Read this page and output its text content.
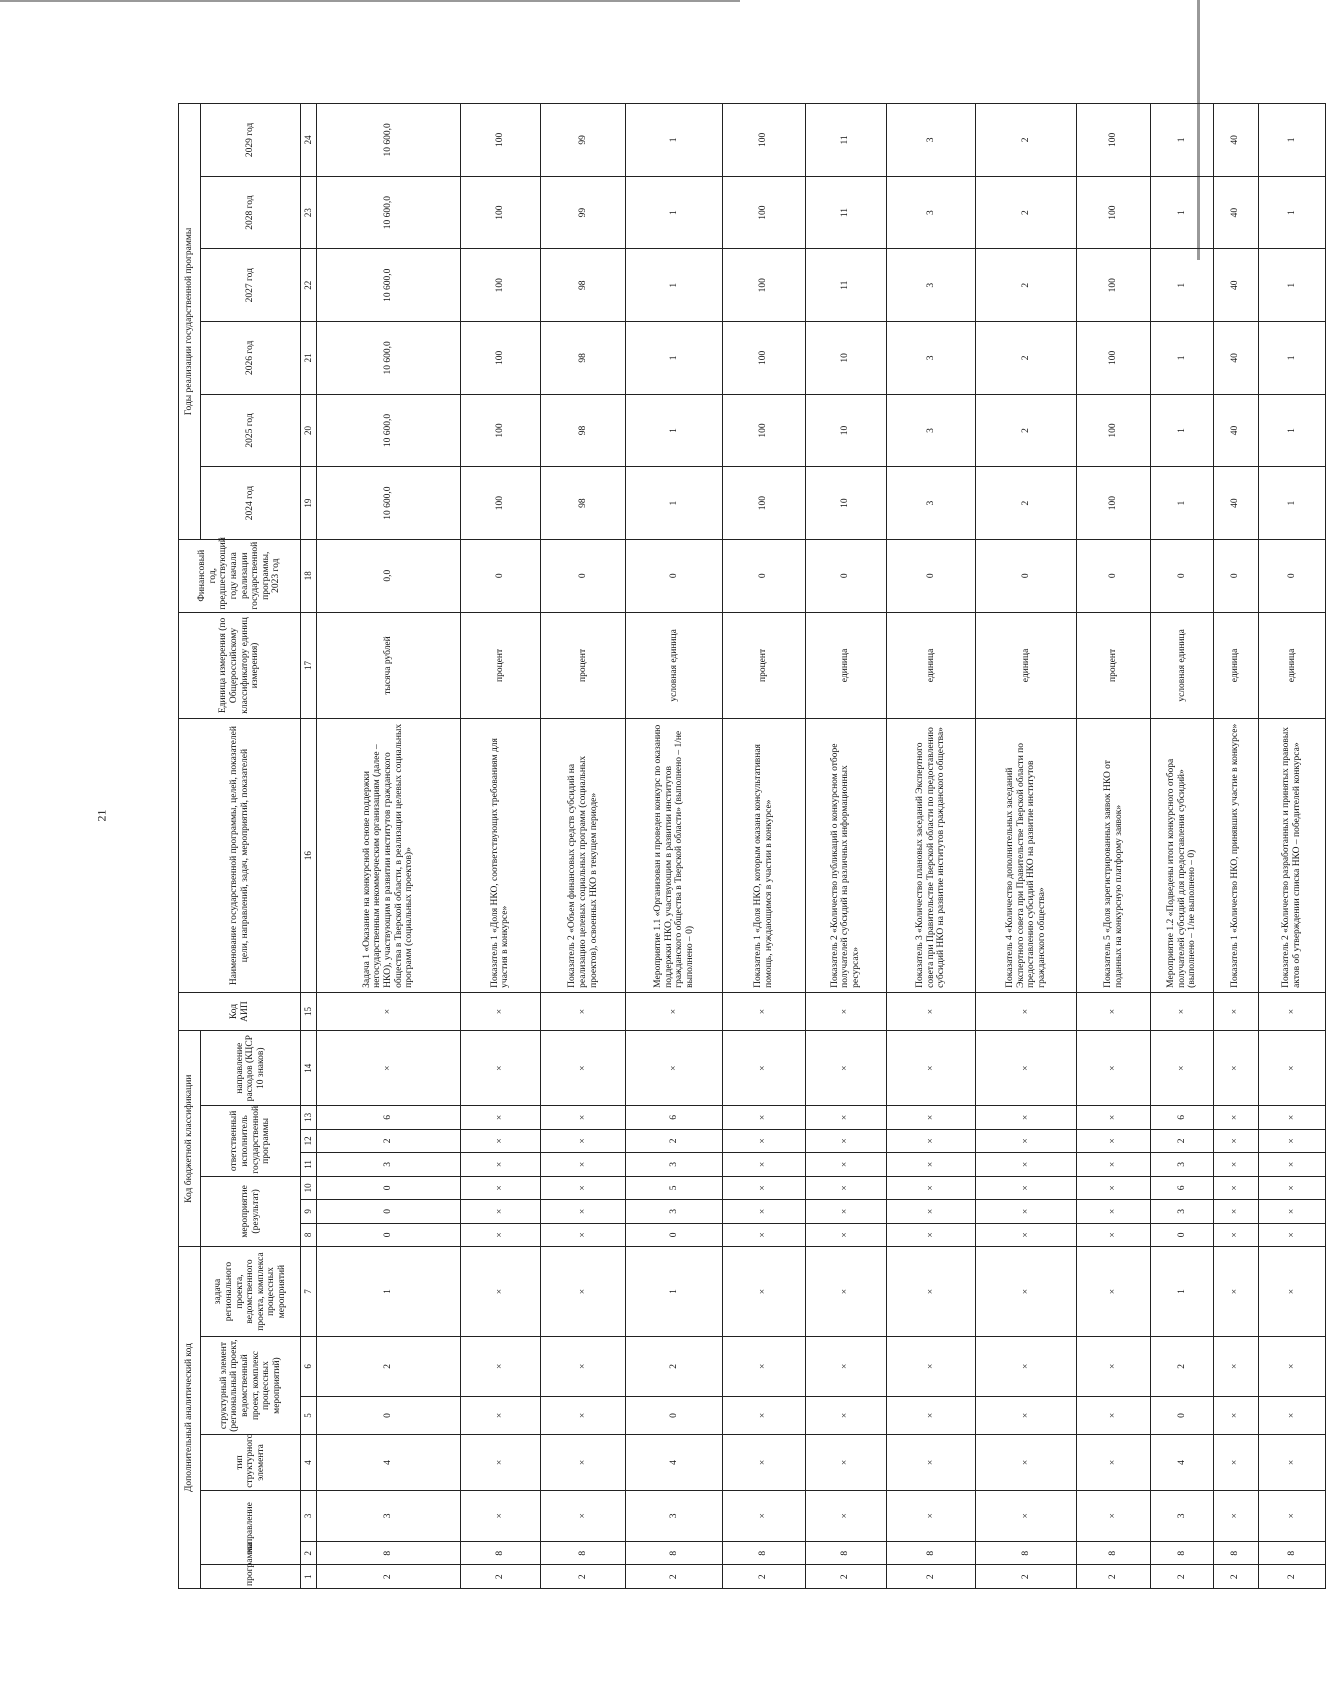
21
Дополнительный аналитический код							Код бюджетной классификации							Код АИП	Наименование государственной программы, целей, показателей цели, направлений, задач, мероприятий, показателей	Единица измерения (по Общероссийскому классификатору единиц измерения)	Финансовый год, предшествующий году начала реализации государственной программы, 2023 год	Годы реализации государственной программы					
программа	направление		тип структурного элемента	структурный элемент (региональный проект, ведомственный проект, комплекс процессных мероприятий)		задача регионального проекта, ведомственного проекта, комплекса процессных мероприятий	мероприятие (результат)			ответственный исполнитель государственной программы			направление расходов (КЦСР 10 знаков)					2024 год	2025 год	2026 год	2027 год	2028 год	2029 год

1	2	3	4	5	6	7	8	9	10	11	12	13	14	15	16	17	18	19	20	21	22	23	24
2	8	3	4	0	2	1	0	0	0	3	2	6	×	×	Задача 1 «Оказание на конкурсной основе поддержки негосударственным некоммерческим организациям (далее – НКО), участвующим в развитии институтов гражданского общества в Тверской области, в реализации целевых социальных программ (социальных проектов)»	тысяча рублей	0,0	10 600,0	10 600,0	10 600,0	10 600,0	10 600,0	10 600,0
2	8	×	×	×	×	×	×	×	×	×	×	×	×	×	Показатель 1 «Доля НКО, соответствующих требованиям для участия в конкурсе»	процент	0	100	100	100	100	100	100
2	8	×	×	×	×	×	×	×	×	×	×	×	×	×	Показатель 2 «Объем финансовых средств субсидий на реализацию целевых социальных программ (социальных проектов), освоенных НКО в текущем периоде»	процент	0	98	98	98	98	99	99
2	8	3	4	0	2	1	0	3	5	3	2	6	×	×	Мероприятие 1.1 «Организован и проведен конкурс по оказанию поддержки НКО, участвующим в развитии институтов гражданского общества в Тверской области» (выполнено – 1/не выполнено – 0)	условная единица	0	1	1	1	1	1	1
2	8	×	×	×	×	×	×	×	×	×	×	×	×	×	Показатель 1 «Доля НКО, которым оказана консультативная помощь, нуждающимся в участии в конкурсе»	процент	0	100	100	100	100	100	100
2	8	×	×	×	×	×	×	×	×	×	×	×	×	×	Показатель 2 «Количество публикаций о конкурсном отборе получателей субсидий на различных информационных ресурсах»	единица	0	10	10	10	11	11	11
2	8	×	×	×	×	×	×	×	×	×	×	×	×	×	Показатель 3 «Количество плановых заседаний Экспертного совета при Правительстве Тверской области по предоставлению субсидий НКО на развитие институтов гражданского общества»	единица	0	3	3	3	3	3	3
2	8	×	×	×	×	×	×	×	×	×	×	×	×	×	Показатель 4 «Количество дополнительных заседаний Экспертного совета при Правительстве Тверской области по предоставлению субсидий НКО на развитие институтов гражданского общества»	единица	0	2	2	2	2	2	2
2	8	×	×	×	×	×	×	×	×	×	×	×	×	×	Показатель 5 «Доля зарегистрированных заявок НКО от поданных на конкурсную платформу заявок»	процент	0	100	100	100	100	100	100
2	8	3	4	0	2	1	0	3	6	3	2	6	×	×	Мероприятие 1.2 «Подведены итоги конкурсного отбора получателей субсидий для предоставления субсидий» (выполнено – 1/не выполнено – 0)	условная единица	0	1	1	1	1	1	1
2	8	×	×	×	×	×	×	×	×	×	×	×	×	×	Показатель 1 «Количество НКО, принявших участие в конкурсе»	единица	0	40	40	40	40	40	40
2	8	×	×	×	×	×	×	×	×	×	×	×	×	×	Показатель 2 «Количество разработанных и принятых правовых актов об утверждении списка НКО – победителей конкурса»	единица	0	1	1	1	1	1	1
